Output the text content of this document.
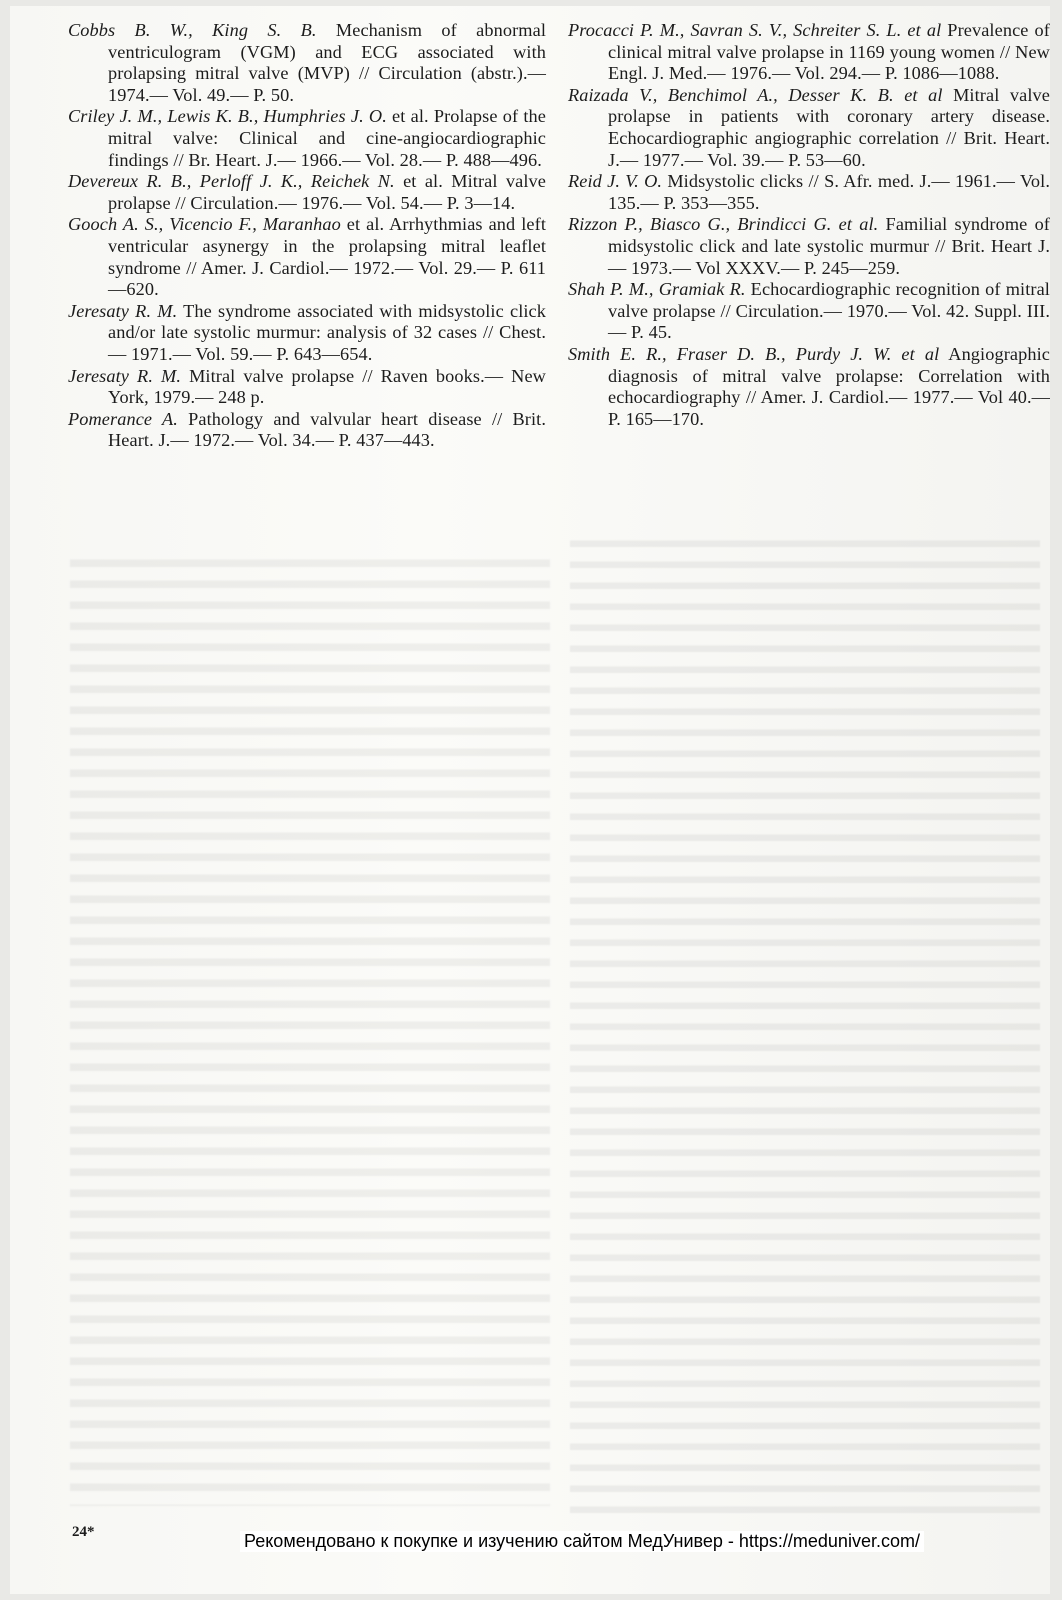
Cobbs B. W., King S. B. Mechanism of abnormal ventriculogram (VGM) and ECG associated with prolapsing mitral valve (MVP) // Circulation (abstr.).— 1974.— Vol. 49.— P. 50.

Criley J. M., Lewis K. B., Humphries J. O. et al. Prolapse of the mitral valve: Clinical and cine-angiocardiographic findings // Br. Heart. J.— 1966.— Vol. 28.— P. 488—496.

Devereux R. B., Perloff J. K., Reichek N. et al. Mitral valve prolapse // Circulation.— 1976.— Vol. 54.— P. 3—14.

Gooch A. S., Vicencio F., Maranhao et al. Arrhythmias and left ventricular asynergy in the prolapsing mitral leaflet syndrome // Amer. J. Cardiol.— 1972.— Vol. 29.— P. 611—620.

Jeresaty R. M. The syndrome associated with midsystolic click and/or late systolic murmur: analysis of 32 cases // Chest.— 1971.— Vol. 59.— P. 643—654.

Jeresaty R. M. Mitral valve prolapse // Raven books.— New York, 1979.— 248 p.

Pomerance A. Pathology and valvular heart disease // Brit. Heart. J.— 1972.— Vol. 34.— P. 437—443.

Procacci P. M., Savran S. V., Schreiter S. L. et al Prevalence of clinical mitral valve prolapse in 1169 young women // New Engl. J. Med.— 1976.— Vol. 294.— P. 1086—1088.

Raizada V., Benchimol A., Desser K. B. et al Mitral valve prolapse in patients with coronary artery disease. Echocardiographic angiographic correlation // Brit. Heart. J.— 1977.— Vol. 39.— P. 53—60.

Reid J. V. O. Midsystolic clicks // S. Afr. med. J.— 1961.— Vol. 135.— P. 353—355.

Rizzon P., Biasco G., Brindicci G. et al. Familial syndrome of midsystolic click and late systolic murmur // Brit. Heart J.— 1973.— Vol XXXV.— P. 245—259.

Shah P. M., Gramiak R. Echocardiographic recognition of mitral valve prolapse // Circulation.— 1970.— Vol. 42. Suppl. III.— P. 45.

Smith E. R., Fraser D. B., Purdy J. W. et al Angiographic diagnosis of mitral valve prolapse: Correlation with echocardiography // Amer. J. Cardiol.— 1977.— Vol 40.— P. 165—170.

24*	Рекомендовано к покупке и изучению сайтом МедУнивер - https://meduniver.com/
